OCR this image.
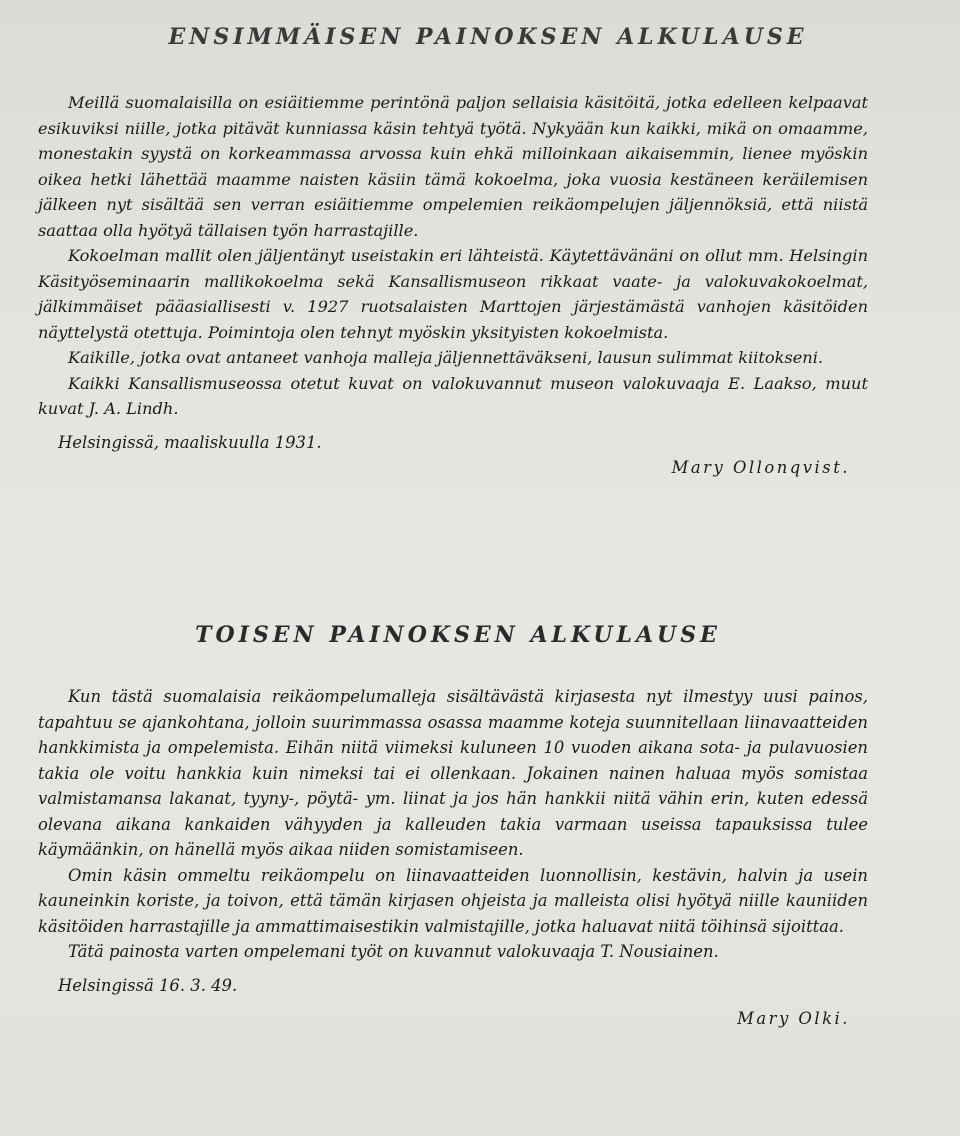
ENSIMMÄISEN PAINOKSEN ALKULAUSE

Meillä suomalaisilla on esiäitiemme perintönä paljon sellaisia käsitöitä, jotka edelleen kelpaavat esikuviksi niille, jotka pitävät kunniassa käsin tehtyä työtä. Nykyään kun kaikki, mikä on omaamme, monestakin syystä on korkeammassa arvossa kuin ehkä milloinkaan aikaisemmin, lienee myöskin oikea hetki lähettää maamme naisten käsiin tämä kokoelma, joka vuosia kestäneen keräilemisen jälkeen nyt sisältää sen verran esiäitiemme ompelemien reikäompelujen jäljennöksiä, että niistä saattaa olla hyötyä tällaisen työn harrastajille.

Kokoelman mallit olen jäljentänyt useistakin eri lähteistä. Käytettävänäni on ollut mm. Helsingin Käsityöseminaarin mallikokoelma sekä Kansallismuseon rikkaat vaate- ja valokuvakokoelmat, jälkimmäiset pääasiallisesti v. 1927 ruotsalaisten Marttojen järjestämästä vanhojen käsitöiden näyttelystä otettuja. Poimintoja olen tehnyt myöskin yksityisten kokoelmista.

Kaikille, jotka ovat antaneet vanhoja malleja jäljennettäväkseni, lausun sulimmat kiitokseni.

Kaikki Kansallismuseossa otetut kuvat on valokuvannut museon valokuvaaja E. Laakso, muut kuvat J. A. Lindh.

Helsingissä, maaliskuulla 1931.

Mary Ollonqvist.

TOISEN PAINOKSEN ALKULAUSE

Kun tästä suomalaisia reikäompelumalleja sisältävästä kirjasesta nyt ilmestyy uusi painos, tapahtuu se ajankohtana, jolloin suurimmassa osassa maamme koteja suunnitellaan liinavaatteiden hankkimista ja ompelemista. Eihän niitä viimeksi kuluneen 10 vuoden aikana sota- ja pulavuosien takia ole voitu hankkia kuin nimeksi tai ei ollenkaan. Jokainen nainen haluaa myös somistaa valmistamansa lakanat, tyyny-, pöytä- ym. liinat ja jos hän hankkii niitä vähin erin, kuten edessä olevana aikana kankaiden vähyyden ja kalleuden takia varmaan useissa tapauksissa tulee käymäänkin, on hänellä myös aikaa niiden somistamiseen.

Omin käsin ommeltu reikäompelu on liinavaatteiden luonnollisin, kestävin, halvin ja usein kauneinkin koriste, ja toivon, että tämän kirjasen ohjeista ja malleista olisi hyötyä niille kauniiden käsitöiden harrastajille ja ammattimaisestikin valmistajille, jotka haluavat niitä töihinsä sijoittaa.

Tätä painosta varten ompelemani työt on kuvannut valokuvaaja T. Nousiainen.

Helsingissä 16. 3. 49.

Mary Olki.
